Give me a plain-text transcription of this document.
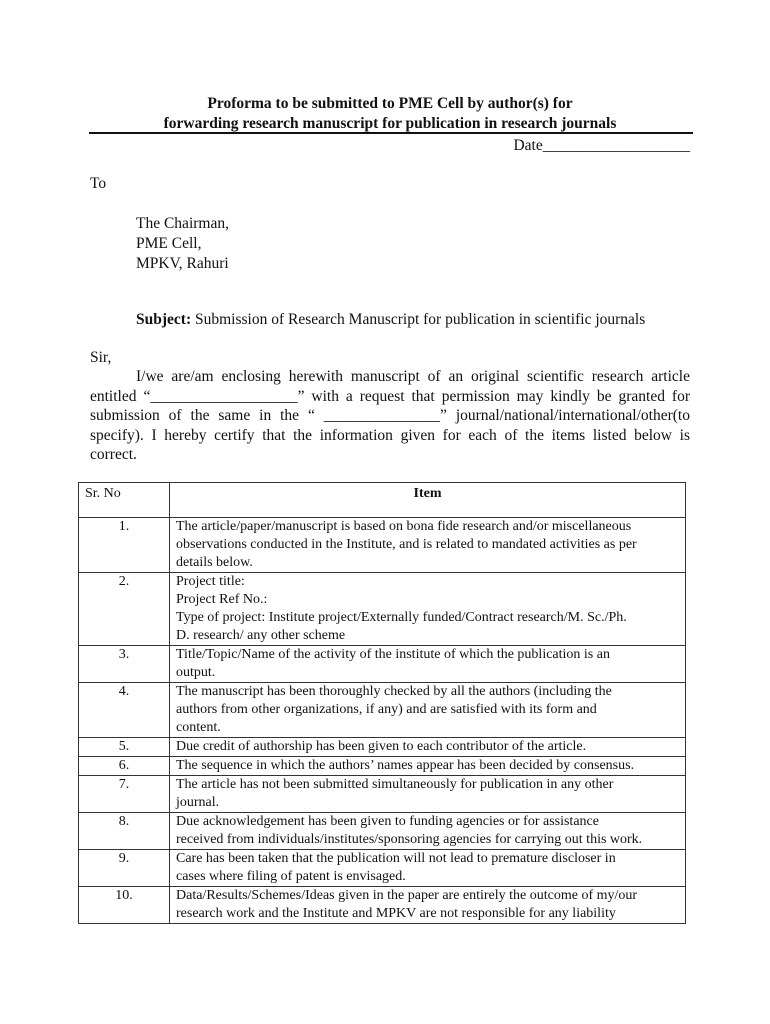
Proforma to be submitted to PME Cell by author(s) for
forwarding research manuscript for publication in research journals
Date___________________
To
The Chairman,
PME Cell,
MPKV, Rahuri
Subject: Submission of Research Manuscript for publication in scientific journals
Sir,
I/we are/am enclosing herewith manuscript of an original scientific research article
entitled “___________________” with a request that permission may kindly be granted for
submission of the same in the “ _______________” journal/national/international/other(to
specify). I hereby certify that the information given for each of the items listed below is
correct.
Sr. No	Item
1.	The article/paper/manuscript is based on bona fide research and/or miscellaneous
observations conducted in the Institute, and is related to mandated activities as per
details below.

2.	Project title:
Project Ref No.:
Type of project: Institute project/Externally funded/Contract research/M. Sc./Ph.
D. research/ any other scheme

3.	Title/Topic/Name of the activity of the institute of which the publication is an
output.

4.	The manuscript has been thoroughly checked by all the authors (including the
authors from other organizations, if any) and are satisfied with its form and
content.

5.	Due credit of authorship has been given to each contributor of the article.

6.	The sequence in which the authors’ names appear has been decided by consensus.

7.	The article has not been submitted simultaneously for publication in any other
journal.

8.	Due acknowledgement has been given to funding agencies or for assistance
received from individuals/institutes/sponsoring agencies for carrying out this work.

9.	Care has been taken that the publication will not lead to premature discloser in
cases where filing of patent is envisaged.

10.	Data/Results/Schemes/Ideas given in the paper are entirely the outcome of my/our
research work and the Institute and MPKV are not responsible for any liability
